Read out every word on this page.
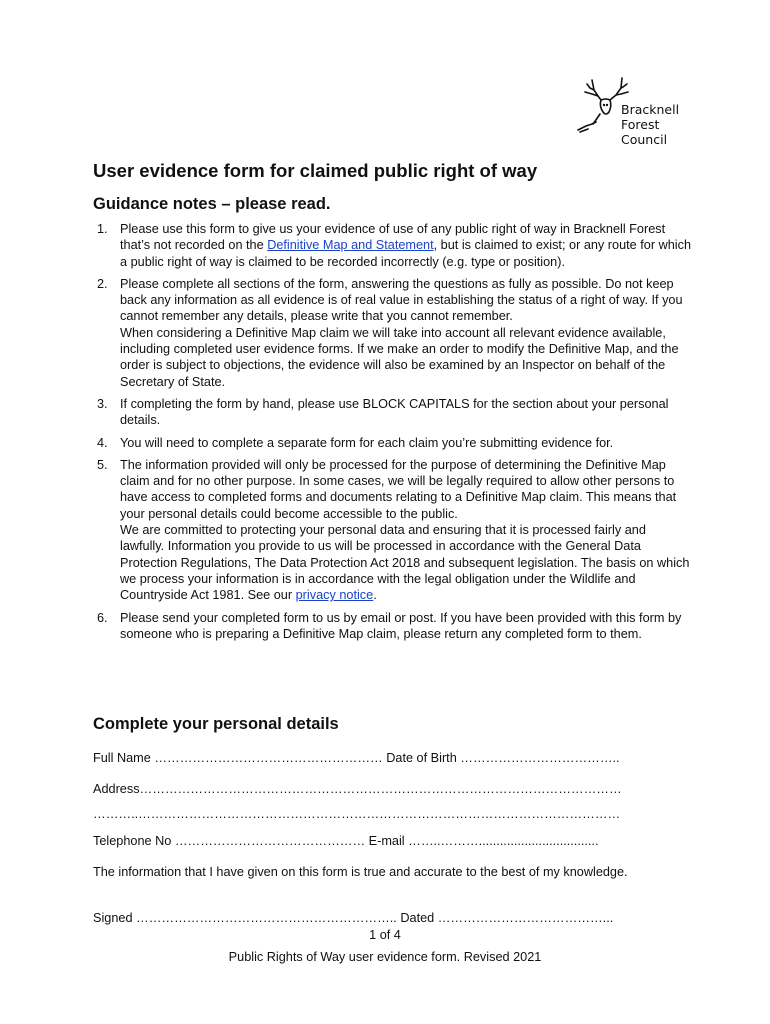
Bracknell
Forest
Council
User evidence form for claimed public right of way
Guidance notes – please read.
1. Please use this form to give us your evidence of use of any public right of way in Bracknell Forest that’s not recorded on the Definitive Map and Statement, but is claimed to exist; or any route for which a public right of way is claimed to be recorded incorrectly (e.g. type or position).

2. Please complete all sections of the form, answering the questions as fully as possible. Do not keep back any information as all evidence is of real value in establishing the status of a right of way. If you cannot remember any details, please write that you cannot remember.

When considering a Definitive Map claim we will take into account all relevant evidence available, including completed user evidence forms. If we make an order to modify the Definitive Map, and the order is subject to objections, the evidence will also be examined by an Inspector on behalf of the Secretary of State.

3. If completing the form by hand, please use BLOCK CAPITALS for the section about your personal details.

4. You will need to complete a separate form for each claim you’re submitting evidence for.

5. The information provided will only be processed for the purpose of determining the Definitive Map claim and for no other purpose. In some cases, we will be legally required to allow other persons to have access to completed forms and documents relating to a Definitive Map claim. This means that your personal details could become accessible to the public.

We are committed to protecting your personal data and ensuring that it is processed fairly and lawfully. Information you provide to us will be processed in accordance with the General Data Protection Regulations, The Data Protection Act 2018 and subsequent legislation. The basis on which we process your information is in accordance with the legal obligation under the Wildlife and Countryside Act 1981. See our privacy notice.

6. Please send your completed form to us by email or post. If you have been provided with this form by someone who is preparing a Definitive Map claim, please return any completed form to them.

Complete your personal details
Full Name ……………………………………………… Date of Birth ………………………………..
Address……………………………………………………………………………………………………
………..……………………………………………………………………………………………………
Telephone No ……………………………………… E-mail ……..………..................................
The information that I have given on this form is true and accurate to the best of my knowledge.
Signed …………………………………………………….. Dated …………………………………...
1 of 4
Public Rights of Way user evidence form. Revised 2021
